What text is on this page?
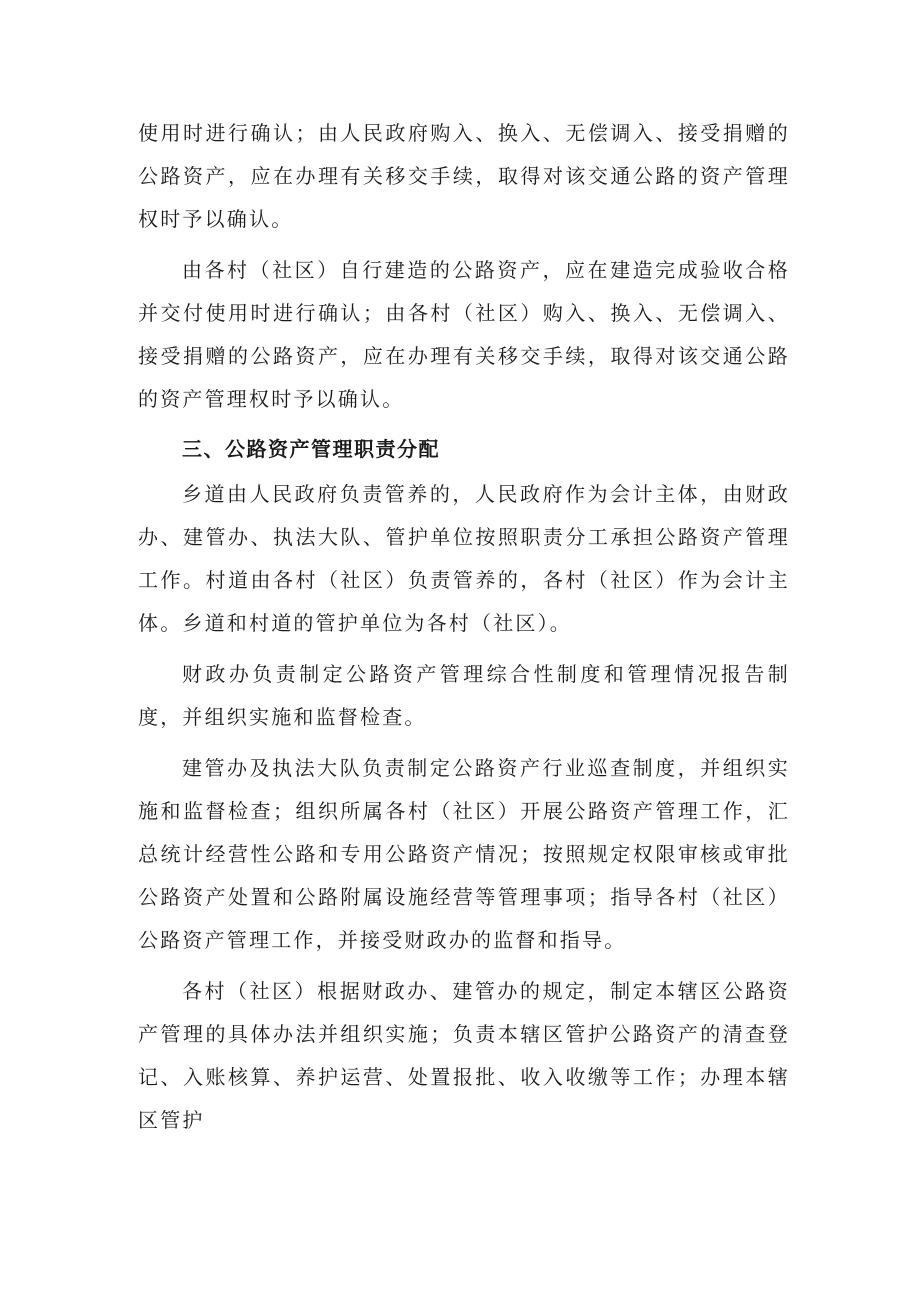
使用时进行确认；由人民政府购入、换入、无偿调入、接受捐赠的公路资产，应在办理有关移交手续，取得对该交通公路的资产管理权时予以确认。

由各村（社区）自行建造的公路资产，应在建造完成验收合格并交付使用时进行确认；由各村（社区）购入、换入、无偿调入、接受捐赠的公路资产，应在办理有关移交手续，取得对该交通公路的资产管理权时予以确认。

三、公路资产管理职责分配

乡道由人民政府负责管养的，人民政府作为会计主体，由财政办、建管办、执法大队、管护单位按照职责分工承担公路资产管理工作。村道由各村（社区）负责管养的，各村（社区）作为会计主体。乡道和村道的管护单位为各村（社区）。

财政办负责制定公路资产管理综合性制度和管理情况报告制度，并组织实施和监督检查。

建管办及执法大队负责制定公路资产行业巡查制度，并组织实施和监督检查；组织所属各村（社区）开展公路资产管理工作，汇总统计经营性公路和专用公路资产情况；按照规定权限审核或审批公路资产处置和公路附属设施经营等管理事项；指导各村（社区）公路资产管理工作，并接受财政办的监督和指导。

各村（社区）根据财政办、建管办的规定，制定本辖区公路资产管理的具体办法并组织实施；负责本辖区管护公路资产的清查登记、入账核算、养护运营、处置报批、收入收缴等工作；办理本辖区管护
